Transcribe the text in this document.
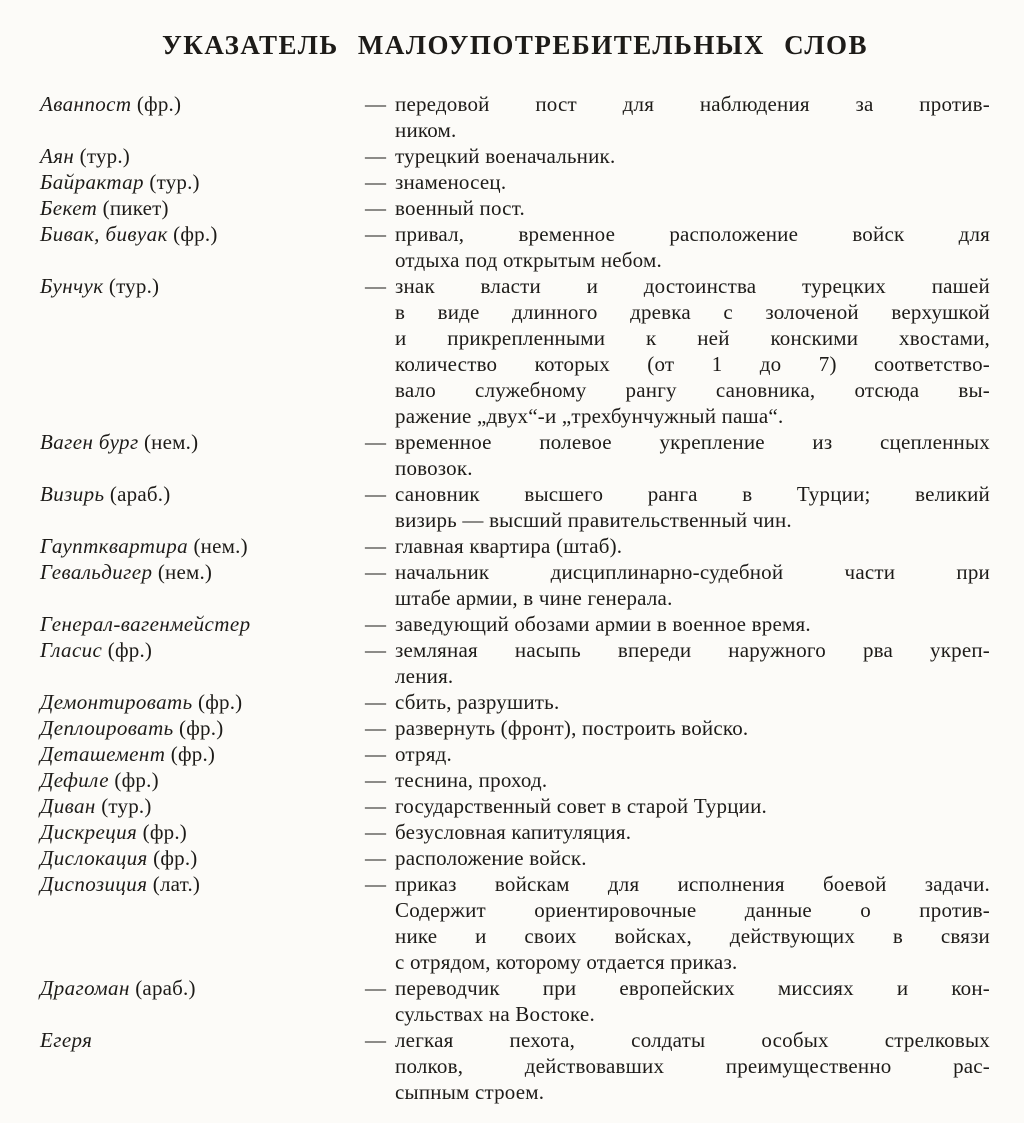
УКАЗАТЕЛЬ МАЛОУПОТРЕБИТЕЛЬНЫХ СЛОВ
Аванпост (фр.)	— передовой пост для наблюдения за против-
ником.
Аян (тур.)	— турецкий военачальник.
Байрактар (тур.)	— знаменосец.
Бекет (пикет)	— военный пост.
Бивак, бивуак (фр.)	— привал, временное расположение войск для
отдыха под открытым небом.
Бунчук (тур.)	— знак власти и достоинства турецких пашей
в виде длинного древка с золоченой верхушкой
и прикрепленными к ней конскими хвостами,
количество которых (от 1 до 7) соответство-
вало служебному рангу сановника, отсюда вы-
ражение „двух“-и „трехбунчужный паша“.
Ваген бург (нем.)	— временное полевое укрепление из сцепленных
повозок.
Визирь (араб.)	— сановник высшего ранга в Турции; великий
визирь — высший правительственный чин.
Гауптквартира (нем.)	— главная квартира (штаб).
Гевальдигер (нем.)	— начальник дисциплинарно-судебной части при
штабе армии, в чине генерала.
Генерал-вагенмейстер	— заведующий обозами армии в военное время.
Гласис (фр.)	— земляная насыпь впереди наружного рва укреп-
ления.
Демонтировать (фр.)	— сбить, разрушить.
Деплоировать (фр.)	— развернуть (фронт), построить войско.
Деташемент (фр.)	— отряд.
Дефиле (фр.)	— теснина, проход.
Диван (тур.)	— государственный совет в старой Турции.
Дискреция (фр.)	— безусловная капитуляция.
Дислокация (фр.)	— расположение войск.
Диспозиция (лат.)	— приказ войскам для исполнения боевой задачи.
Содержит ориентировочные данные о против-
нике и своих войсках, действующих в связи
с отрядом, которому отдается приказ.
Драгоман (араб.)	— переводчик при европейских миссиях и кон-
сульствах на Востоке.
Егеря	— легкая пехота, солдаты особых стрелковых
полков, действовавших преимущественно рас-
сыпным строем.
